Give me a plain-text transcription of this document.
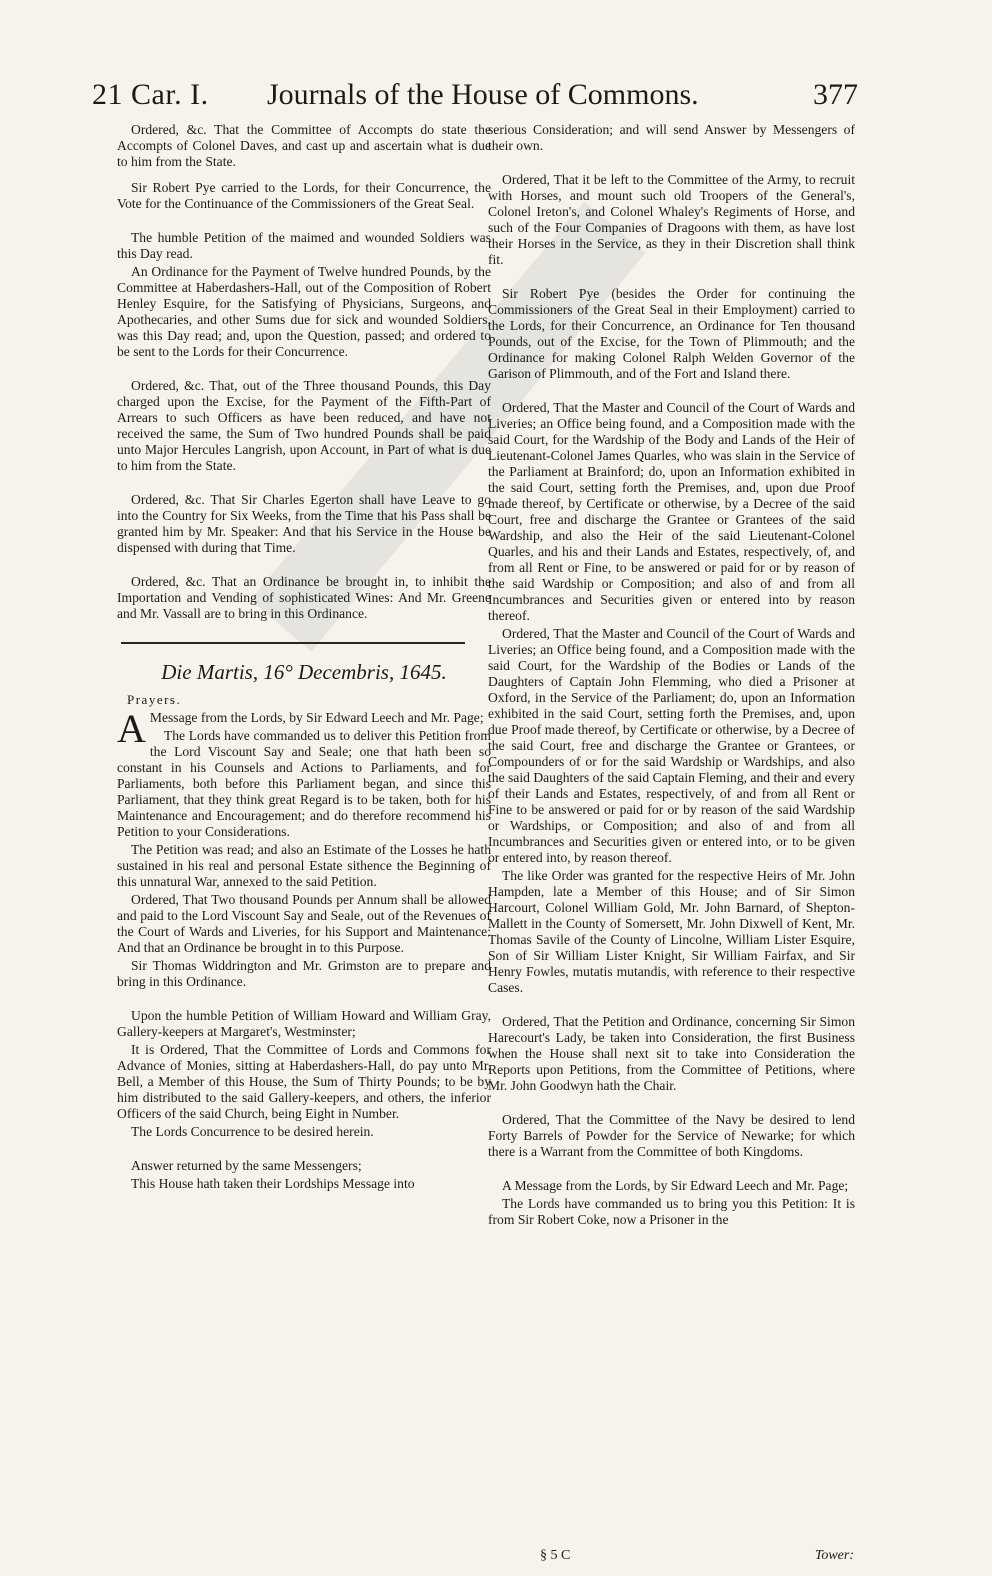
21 Car. I. Journals of the House of Commons.	377

Ordered, &c. That the Committee of Accompts do state the Accompts of Colonel Daves, and cast up and ascertain what is due to him from the State.

Sir Robert Pye carried to the Lords, for their Concurrence, the Vote for the Continuance of the Commissioners of the Great Seal.

The humble Petition of the maimed and wounded Soldiers was this Day read.

An Ordinance for the Payment of Twelve hundred Pounds, by the Committee at Haberdashers-Hall, out of the Composition of Robert Henley Esquire, for the Satisfying of Physicians, Surgeons, and Apothecaries, and other Sums due for sick and wounded Soldiers, was this Day read; and, upon the Question, passed; and ordered to be sent to the Lords for their Concurrence.

Ordered, &c. That, out of the Three thousand Pounds, this Day charged upon the Excise, for the Payment of the Fifth-Part of Arrears to such Officers as have been reduced, and have not received the same, the Sum of Two hundred Pounds shall be paid unto Major Hercules Langrish, upon Account, in Part of what is due to him from the State.

Ordered, &c. That Sir Charles Egerton shall have Leave to go into the Country for Six Weeks, from the Time that his Pass shall be granted him by Mr. Speaker: And that his Service in the House be dispensed with during that Time.

Ordered, &c. That an Ordinance be brought in, to inhibit the Importation and Vending of sophisticated Wines: And Mr. Greene and Mr. Vassall are to bring in this Ordinance.

Die Martis, 16° Decembris, 1645.
Prayers.

A Message from the Lords, by Sir Edward Leech and Mr. Page;

The Lords have commanded us to deliver this Petition from the Lord Viscount Say and Seale; one that hath been so constant in his Counsels and Actions to Parliaments, and for Parliaments, both before this Parliament began, and since this Parliament, that they think great Regard is to be taken, both for his Maintenance and Encouragement; and do therefore recommend his Petition to your Considerations.

The Petition was read; and also an Estimate of the Losses he hath sustained in his real and personal Estate sithence the Beginning of this unnatural War, annexed to the said Petition.

Ordered, That Two thousand Pounds per Annum shall be allowed and paid to the Lord Viscount Say and Seale, out of the Revenues of the Court of Wards and Liveries, for his Support and Maintenance: And that an Ordinance be brought in to this Purpose.

Sir Thomas Widdrington and Mr. Grimston are to prepare and bring in this Ordinance.

Upon the humble Petition of William Howard and William Gray, Gallery-keepers at Margaret's, Westminster;

It is Ordered, That the Committee of Lords and Commons for Advance of Monies, sitting at Haberdashers-Hall, do pay unto Mr. Bell, a Member of this House, the Sum of Thirty Pounds; to be by him distributed to the said Gallery-keepers, and others, the inferior Officers of the said Church, being Eight in Number.

The Lords Concurrence to be desired herein.

Answer returned by the same Messengers;

This House hath taken their Lordships Message into

serious Consideration; and will send Answer by Messengers of their own.

Ordered, That it be left to the Committee of the Army, to recruit with Horses, and mount such old Troopers of the General's, Colonel Ireton's, and Colonel Whaley's Regiments of Horse, and such of the Four Companies of Dragoons with them, as have lost their Horses in the Service, as they in their Discretion shall think fit.

Sir Robert Pye (besides the Order for continuing the Commissioners of the Great Seal in their Employment) carried to the Lords, for their Concurrence, an Ordinance for Ten thousand Pounds, out of the Excise, for the Town of Plimmouth; and the Ordinance for making Colonel Ralph Welden Governor of the Garison of Plimmouth, and of the Fort and Island there.

Ordered, That the Master and Council of the Court of Wards and Liveries; an Office being found, and a Composition made with the said Court, for the Wardship of the Body and Lands of the Heir of Lieutenant-Colonel James Quarles, who was slain in the Service of the Parliament at Brainford; do, upon an Information exhibited in the said Court, setting forth the Premises, and, upon due Proof made thereof, by Certificate or otherwise, by a Decree of the said Court, free and discharge the Grantee or Grantees of the said Wardship, and also the Heir of the said Lieutenant-Colonel Quarles, and his and their Lands and Estates, respectively, of, and from all Rent or Fine, to be answered or paid for or by reason of the said Wardship or Composition; and also of and from all Incumbrances and Securities given or entered into by reason thereof.

Ordered, That the Master and Council of the Court of Wards and Liveries; an Office being found, and a Composition made with the said Court, for the Wardship of the Bodies or Lands of the Daughters of Captain John Flemming, who died a Prisoner at Oxford, in the Service of the Parliament; do, upon an Information exhibited in the said Court, setting forth the Premises, and, upon due Proof made thereof, by Certificate or otherwise, by a Decree of the said Court, free and discharge the Grantee or Grantees, or Compounders of or for the said Wardship or Wardships, and also the said Daughters of the said Captain Fleming, and their and every of their Lands and Estates, respectively, of and from all Rent or Fine to be answered or paid for or by reason of the said Wardship or Wardships, or Composition; and also of and from all Incumbrances and Securities given or entered into, or to be given or entered into, by reason thereof.

The like Order was granted for the respective Heirs of Mr. John Hampden, late a Member of this House; and of Sir Simon Harcourt, Colonel William Gold, Mr. John Barnard, of Shepton-Mallett in the County of Somersett, Mr. John Dixwell of Kent, Mr. Thomas Savile of the County of Lincolne, William Lister Esquire, Son of Sir William Lister Knight, Sir William Fairfax, and Sir Henry Fowles, mutatis mutandis, with reference to their respective Cases.

Ordered, That the Petition and Ordinance, concerning Sir Simon Harecourt's Lady, be taken into Consideration, the first Business when the House shall next sit to take into Consideration the Reports upon Petitions, from the Committee of Petitions, where Mr. John Goodwyn hath the Chair.

Ordered, That the Committee of the Navy be desired to lend Forty Barrels of Powder for the Service of Newarke; for which there is a Warrant from the Committee of both Kingdoms.

A Message from the Lords, by Sir Edward Leech and Mr. Page;

The Lords have commanded us to bring you this Petition: It is from Sir Robert Coke, now a Prisoner in the

§ 5 C	Tower:
